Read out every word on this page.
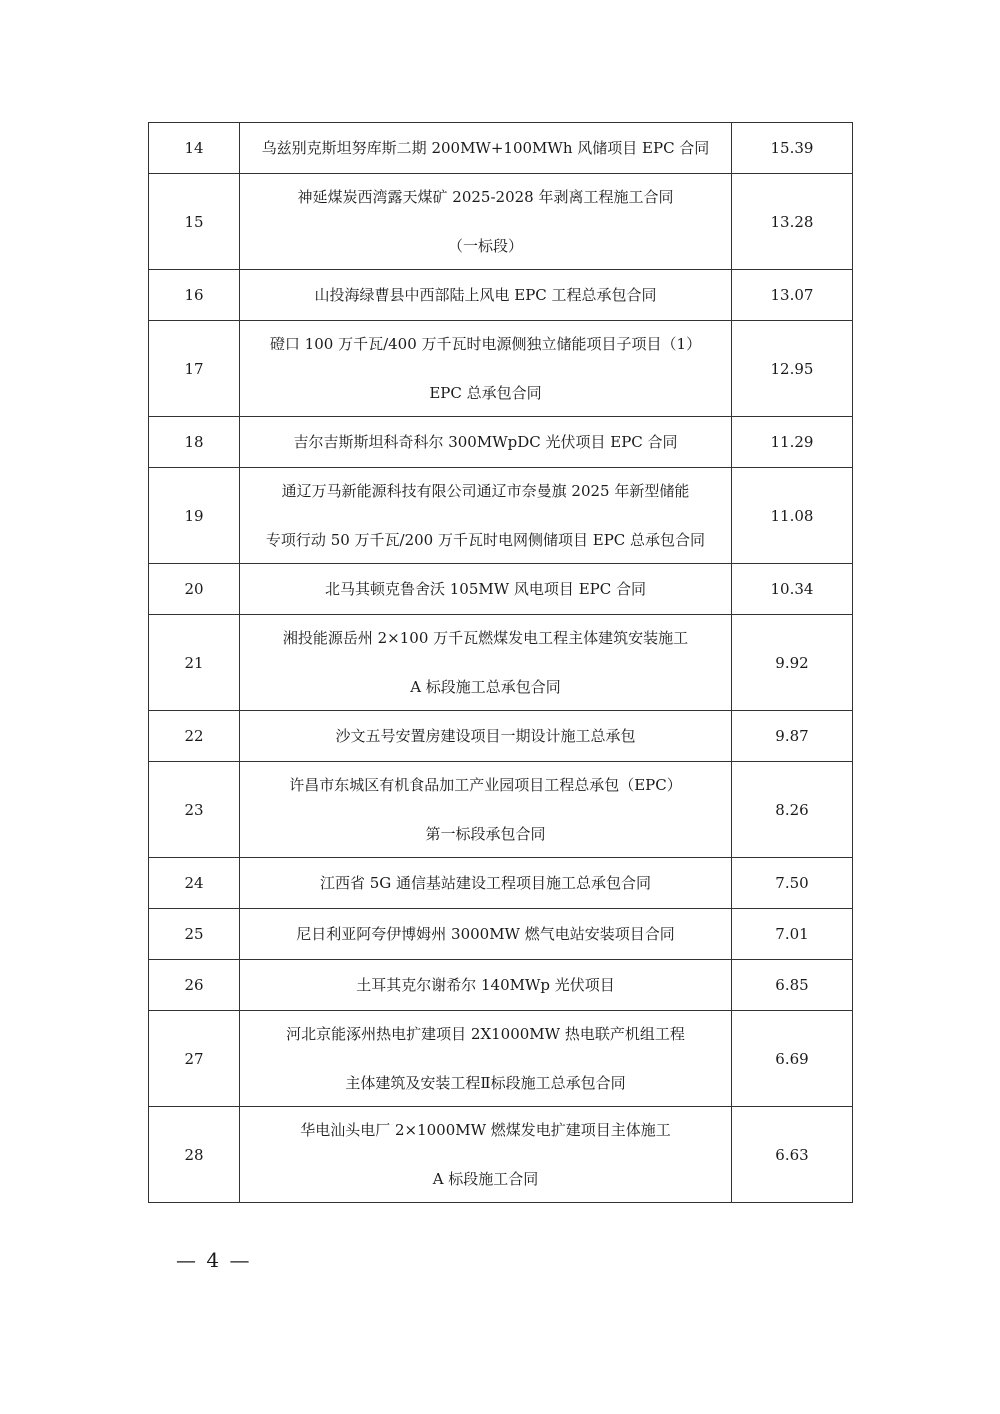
14	乌兹别克斯坦努库斯二期 200MW+100MWh 风储项目 EPC 合同	15.39
15	神延煤炭西湾露天煤矿 2025-2028 年剥离工程施工合同
（一标段）	13.28
16	山投海绿曹县中西部陆上风电 EPC 工程总承包合同	13.07
17	磴口 100 万千瓦/400 万千瓦时电源侧独立储能项目子项目（1）
EPC 总承包合同	12.95
18	吉尔吉斯斯坦科奇科尔 300MWpDC 光伏项目 EPC 合同	11.29
19	通辽万马新能源科技有限公司通辽市奈曼旗 2025 年新型储能
专项行动 50 万千瓦/200 万千瓦时电网侧储项目 EPC 总承包合同	11.08
20	北马其顿克鲁舍沃 105MW 风电项目 EPC 合同	10.34
21	湘投能源岳州 2×100 万千瓦燃煤发电工程主体建筑安装施工
A 标段施工总承包合同	9.92
22	沙文五号安置房建设项目一期设计施工总承包	9.87
23	许昌市东城区有机食品加工产业园项目工程总承包（EPC）
第一标段承包合同	8.26
24	江西省 5G 通信基站建设工程项目施工总承包合同	7.50
25	尼日利亚阿夸伊博姆州 3000MW 燃气电站安装项目合同	7.01
26	土耳其克尔谢希尔 140MWp 光伏项目	6.85
27	河北京能涿州热电扩建项目 2X1000MW 热电联产机组工程
主体建筑及安装工程Ⅱ标段施工总承包合同	6.69
28	华电汕头电厂 2×1000MW 燃煤发电扩建项目主体施工
A 标段施工合同	6.63
— 4 —
